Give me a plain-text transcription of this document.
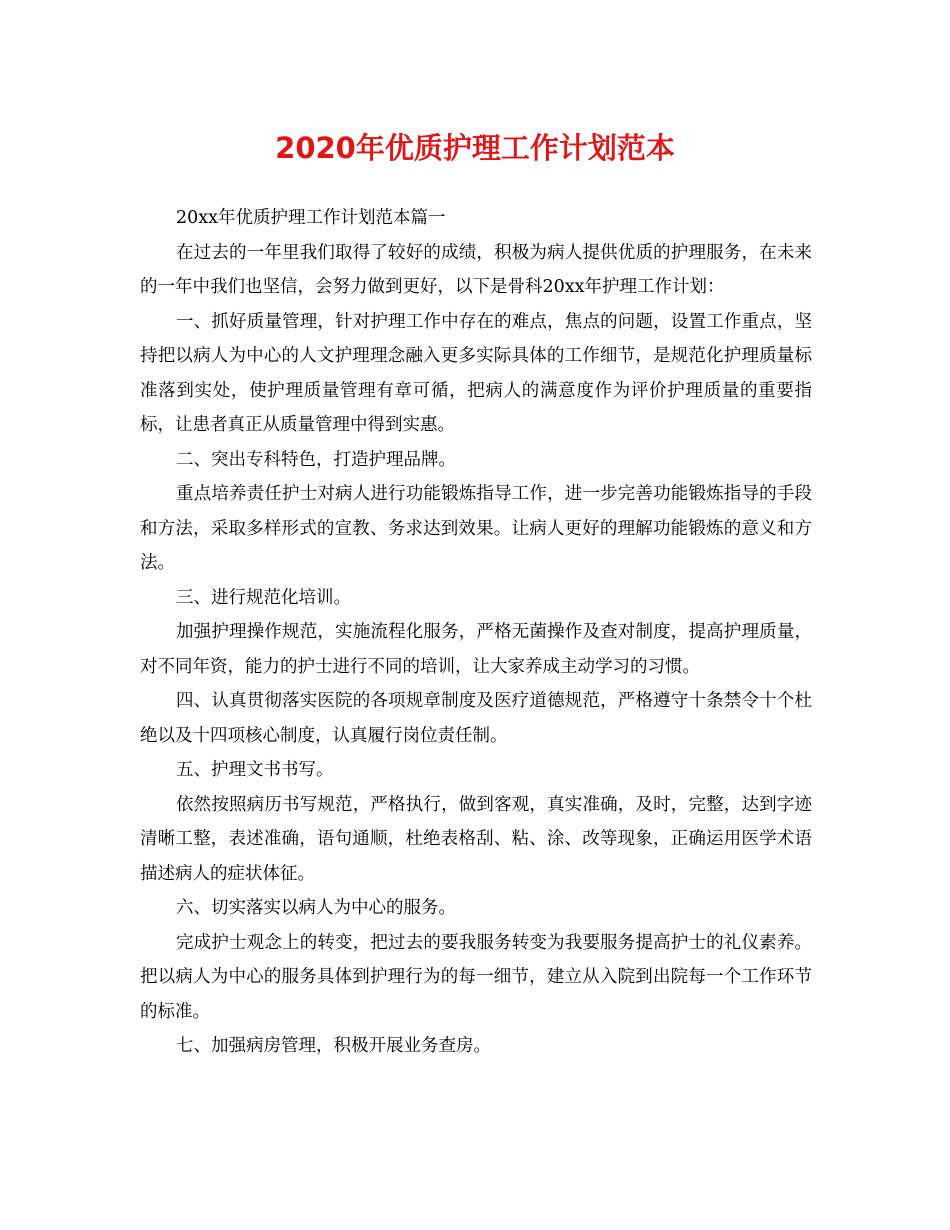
2020年优质护理工作计划范本

20xx年优质护理工作计划范本篇一

在过去的一年里我们取得了较好的成绩，积极为病人提供优质的护理服务，在未来的一年中我们也坚信，会努力做到更好，以下是骨科20xx年护理工作计划：

一、抓好质量管理，针对护理工作中存在的难点，焦点的问题，设置工作重点，坚持把以病人为中心的人文护理理念融入更多实际具体的工作细节，是规范化护理质量标准落到实处，使护理质量管理有章可循，把病人的满意度作为评价护理质量的重要指标，让患者真正从质量管理中得到实惠。

二、突出专科特色，打造护理品牌。

重点培养责任护士对病人进行功能锻炼指导工作，进一步完善功能锻炼指导的手段和方法，采取多样形式的宣教、务求达到效果。让病人更好的理解功能锻炼的意义和方法。

三、进行规范化培训。

加强护理操作规范，实施流程化服务，严格无菌操作及查对制度，提高护理质量，对不同年资，能力的护士进行不同的培训，让大家养成主动学习的习惯。

四、认真贯彻落实医院的各项规章制度及医疗道德规范，严格遵守十条禁令十个杜绝以及十四项核心制度，认真履行岗位责任制。

五、护理文书书写。

依然按照病历书写规范，严格执行，做到客观，真实准确，及时，完整，达到字迹清晰工整，表述准确，语句通顺，杜绝表格刮、粘、涂、改等现象，正确运用医学术语描述病人的症状体征。

六、切实落实以病人为中心的服务。

完成护士观念上的转变，把过去的要我服务转变为我要服务提高护士的礼仪素养。把以病人为中心的服务具体到护理行为的每一细节，建立从入院到出院每一个工作环节的标准。

七、加强病房管理，积极开展业务查房。
